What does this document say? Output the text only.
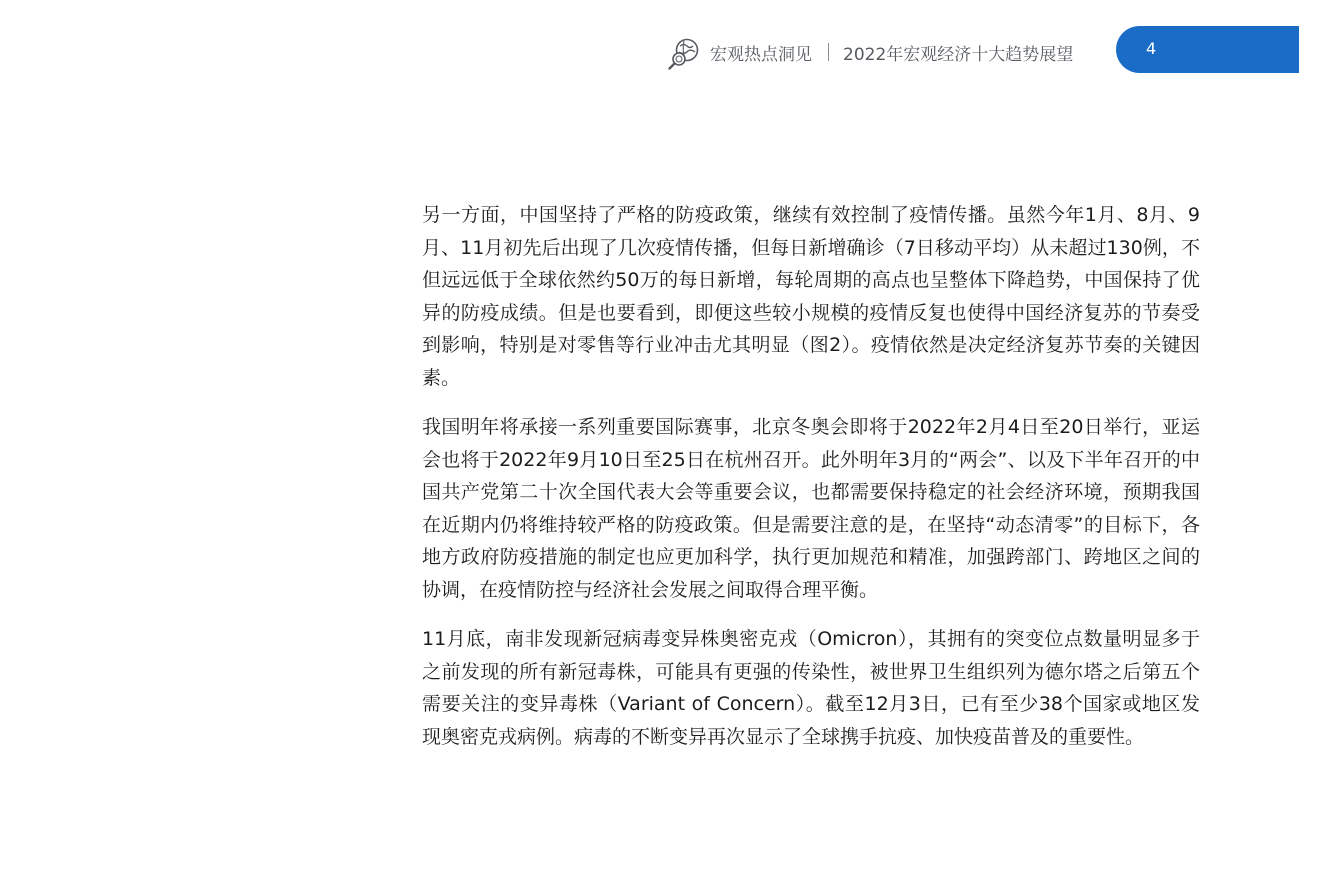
宏观热点洞见 2022年宏观经济十大趋势展望	4

另一方面，中国坚持了严格的防疫政策，继续有效控制了疫情传播。虽然今年1月、8月、9月、11月初先后出现了几次疫情传播，但每日新增确诊（7日移动平均）从未超过130例，不但远远低于全球依然约50万的每日新增，每轮周期的高点也呈整体下降趋势，中国保持了优异的防疫成绩。但是也要看到，即便这些较小规模的疫情反复也使得中国经济复苏的节奏受到影响，特别是对零售等行业冲击尤其明显（图2）。疫情依然是决定经济复苏节奏的关键因素。

我国明年将承接一系列重要国际赛事，北京冬奥会即将于2022年2月4日至20日举行，亚运会也将于2022年9月10日至25日在杭州召开。此外明年3月的“两会”、以及下半年召开的中国共产党第二十次全国代表大会等重要会议，也都需要保持稳定的社会经济环境，预期我国在近期内仍将维持较严格的防疫政策。但是需要注意的是，在坚持“动态清零”的目标下，各地方政府防疫措施的制定也应更加科学，执行更加规范和精准，加强跨部门、跨地区之间的协调，在疫情防控与经济社会发展之间取得合理平衡。

11月底，南非发现新冠病毒变异株奥密克戎（Omicron），其拥有的突变位点数量明显多于之前发现的所有新冠毒株，可能具有更强的传染性，被世界卫生组织列为德尔塔之后第五个需要关注的变异毒株（Variant of Concern）。截至12月3日，已有至少38个国家或地区发现奥密克戎病例。病毒的不断变异再次显示了全球携手抗疫、加快疫苗普及的重要性。
